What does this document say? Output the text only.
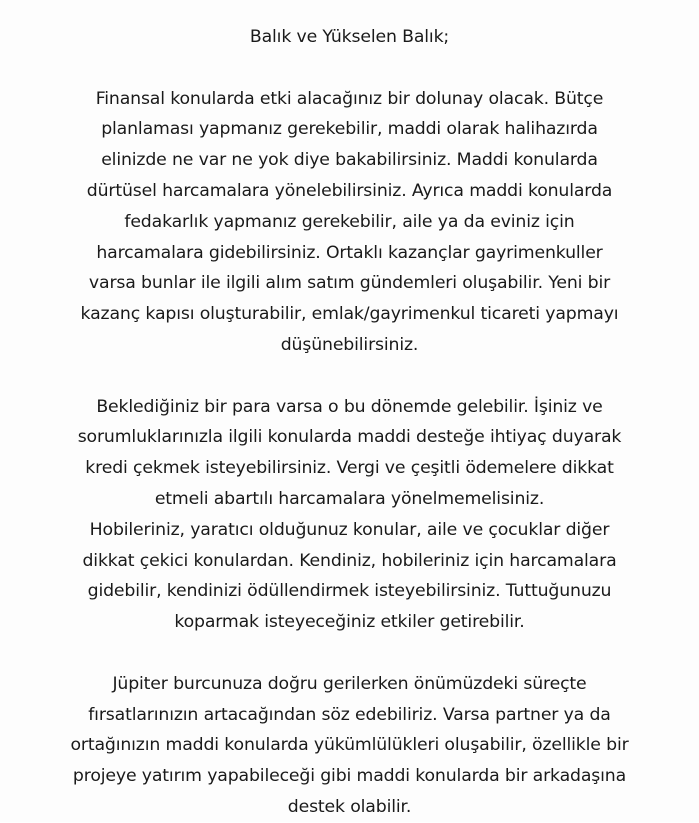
Balık ve Yükselen Balık;
Finansal konularda etki alacağınız bir dolunay olacak. Bütçe
planlaması yapmanız gerekebilir, maddi olarak halihazırda
elinizde ne var ne yok diye bakabilirsiniz. Maddi konularda
dürtüsel harcamalara yönelebilirsiniz. Ayrıca maddi konularda
fedakarlık yapmanız gerekebilir, aile ya da eviniz için
harcamalara gidebilirsiniz. Ortaklı kazançlar gayrimenkuller
varsa bunlar ile ilgili alım satım gündemleri oluşabilir. Yeni bir
kazanç kapısı oluşturabilir, emlak/gayrimenkul ticareti yapmayı
düşünebilirsiniz.
Beklediğiniz bir para varsa o bu dönemde gelebilir. İşiniz ve
sorumluklarınızla ilgili konularda maddi desteğe ihtiyaç duyarak
kredi çekmek isteyebilirsiniz. Vergi ve çeşitli ödemelere dikkat
etmeli abartılı harcamalara yönelmemelisiniz.
Hobileriniz, yaratıcı olduğunuz konular, aile ve çocuklar diğer
dikkat çekici konulardan. Kendiniz, hobileriniz için harcamalara
gidebilir, kendinizi ödüllendirmek isteyebilirsiniz. Tuttuğunuzu
koparmak isteyeceğiniz etkiler getirebilir.
Jüpiter burcunuza doğru gerilerken önümüzdeki süreçte
fırsatlarınızın artacağından söz edebiliriz. Varsa partner ya da
ortağınızın maddi konularda yükümlülükleri oluşabilir, özellikle bir
projeye yatırım yapabileceği gibi maddi konularda bir arkadaşına
destek olabilir.
